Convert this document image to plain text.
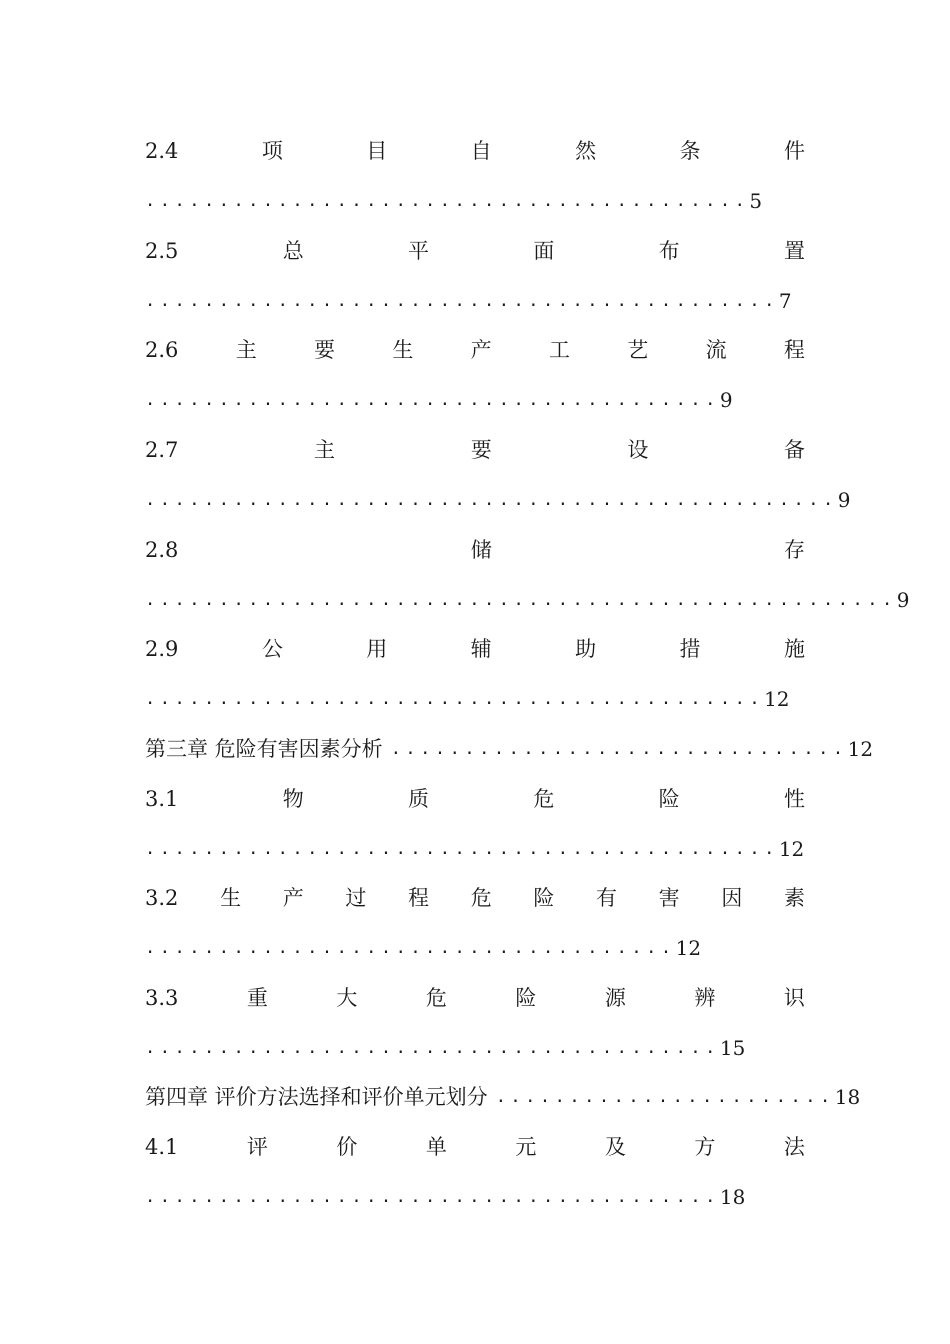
2.4	项	目	自	然	条	件
......................................... 5
2.5	总	平	面	布	置
........................................... 7
2.6	主	要	生	产	工	艺	流	程
....................................... 9
2.7	主	要	设	备
............................................... 9
2.8	储	存
................................................... 9
2.9	公	用	辅	助	措	施
.......................................... 12
第三章 危险有害因素分析 ............................... 12
3.1	物	质	危	险	性
........................................... 12
3.2 生 产 过 程 危 险 有 害 因 素
.................................... 12
3.3	重	大	危	险	源	辨	识
....................................... 15
第四章 评价方法选择和评价单元划分 ....................... 18
4.1	评	价	单	元	及	方	法
....................................... 18
